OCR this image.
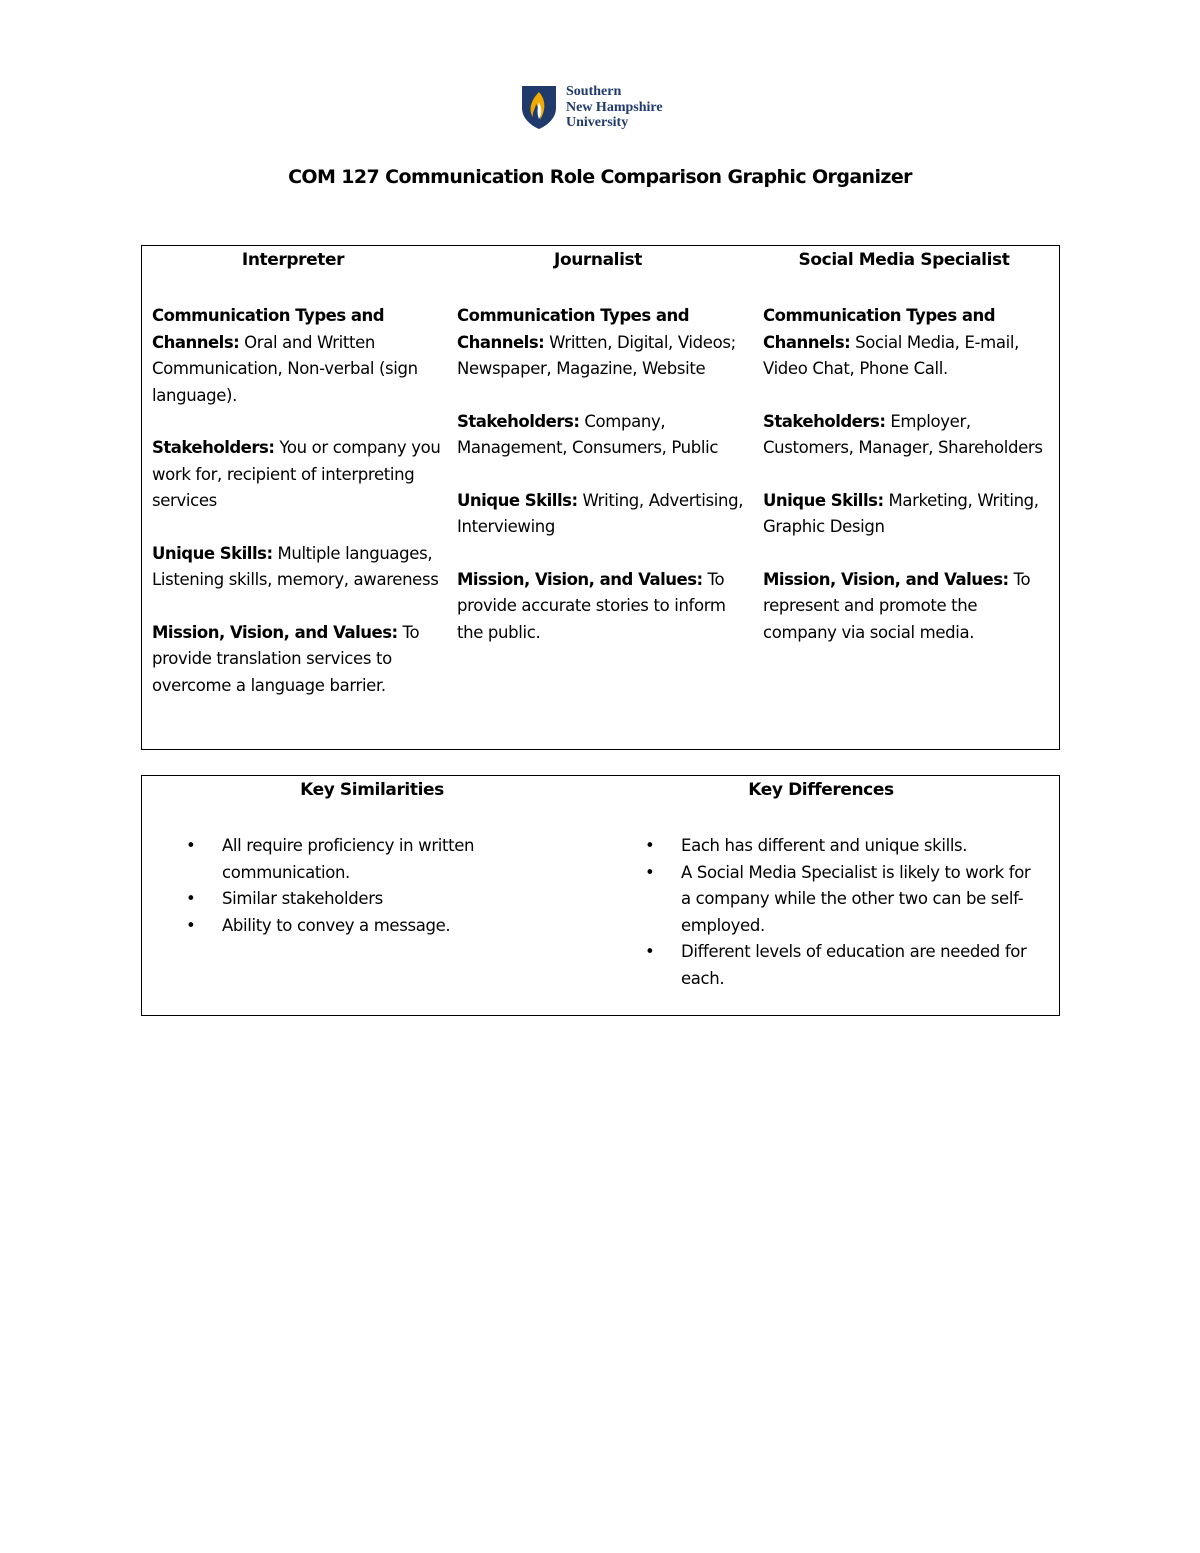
Southern
New Hampshire
University
COM 127 Communication Role Comparison Graphic Organizer
Interpreter
Communication Types and Channels: Oral and Written Communication, Non-verbal (sign language).
Stakeholders: You or company you work for, recipient of interpreting services
Unique Skills: Multiple languages, Listening skills, memory, awareness
Mission, Vision, and Values: To provide translation services to overcome a language barrier.
Journalist
Communication Types and Channels: Written, Digital, Videos; Newspaper, Magazine, Website
Stakeholders: Company, Management, Consumers, Public
Unique Skills: Writing, Advertising, Interviewing
Mission, Vision, and Values: To provide accurate stories to inform the public.
Social Media Specialist
Communication Types and Channels: Social Media, E-mail, Video Chat, Phone Call.
Stakeholders: Employer, Customers, Manager, Shareholders
Unique Skills: Marketing, Writing, Graphic Design
Mission, Vision, and Values: To represent and promote the company via social media.
Key Similarities
• All require proficiency in written communication.
• Similar stakeholders
• Ability to convey a message.
Key Differences
• Each has different and unique skills.
• A Social Media Specialist is likely to work for a company while the other two can be self-employed.
• Different levels of education are needed for each.
